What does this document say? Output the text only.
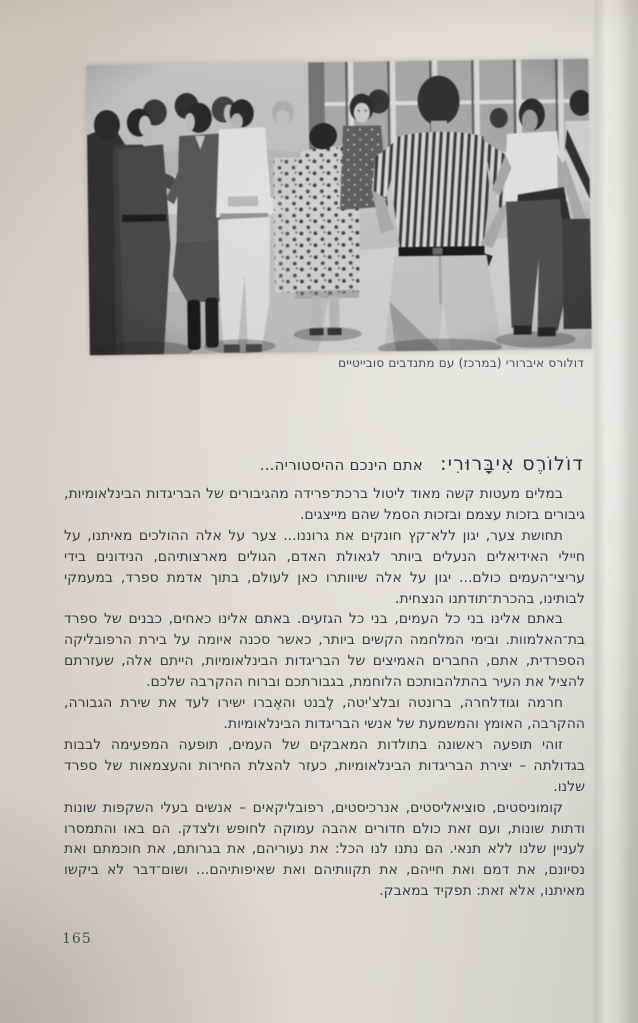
דולורס איברורי (במרכז) עם מתנדבים סובייטיים
דוֹלוֹרֶס אִיבָּרוּרִי: אתם הינכם ההיסטוריה...

במלים מעטות קשה מאוד ליטול ברכת־פרידה מהגיבורים של הבריגדות הבינלאומיות, גיבורים בזכות עצמם ובזכות הסמל שהם מייצגים.

תחושת צער, יגון ללא־קץ חונקים את גרוננו... צער על אלה ההולכים מאיתנו, על חיילי האידיאלים הנעלים ביותר לגאולת האדם, הגולים מארצותיהם, הנידונים בידי עריצי־העמים כולם... יגון על אלה שיוותרו כאן לעולם, בתוך אדמת ספרד, במעמקי לבותינו, בהכרת־תודתנו הנצחית.

באתם אלינו בני כל העמים, בני כל הגזעים. באתם אלינו כאחים, כבנים של ספרד בת־האלמוות. ובימי המלחמה הקשים ביותר, כאשר סכנה איומה על בירת הרפובליקה הספרדית, אתם, החברים האמיצים של הבריגדות הבינלאומיות, הייתם אלה, שעזרתם להציל את העיר בהתלהבותכם הלוחמת, בגבורתכם וברוח ההקרבה שלכם.

חרמה וגודלחרה, ברונטה ובלצ'יטה, לֶבנט והאֶברו ישירו לעד את שירת הגבורה, ההקרבה, האומץ והמשמעת של אנשי הבריגדות הבינלאומיות.

זוהי תופעה ראשונה בתולדות המאבקים של העמים, תופעה המפעימה לבבות בגדולתה – יצירת הבריגדות הבינלאומיות, כעזר להצלת החירות והעצמאות של ספרד שלנו.

קומוניסטים, סוציאליסטים, אנרכיסטים, רפובליקאים – אנשים בעלי השקפות שונות ודתות שונות, ועם זאת כולם חדורים אהבה עמוקה לחופש ולצדק. הם באו והתמסרו לעניין שלנו ללא תנאי. הם נתנו לנו הכל: את נעוריהם, את בגרותם, את חוכמתם ואת נסיונם, את דמם ואת חייהם, את תקוותיהם ואת שאיפותיהם... ושום־דבר לא ביקשו מאיתנו, אלא זאת: תפקיד במאבק.

165
